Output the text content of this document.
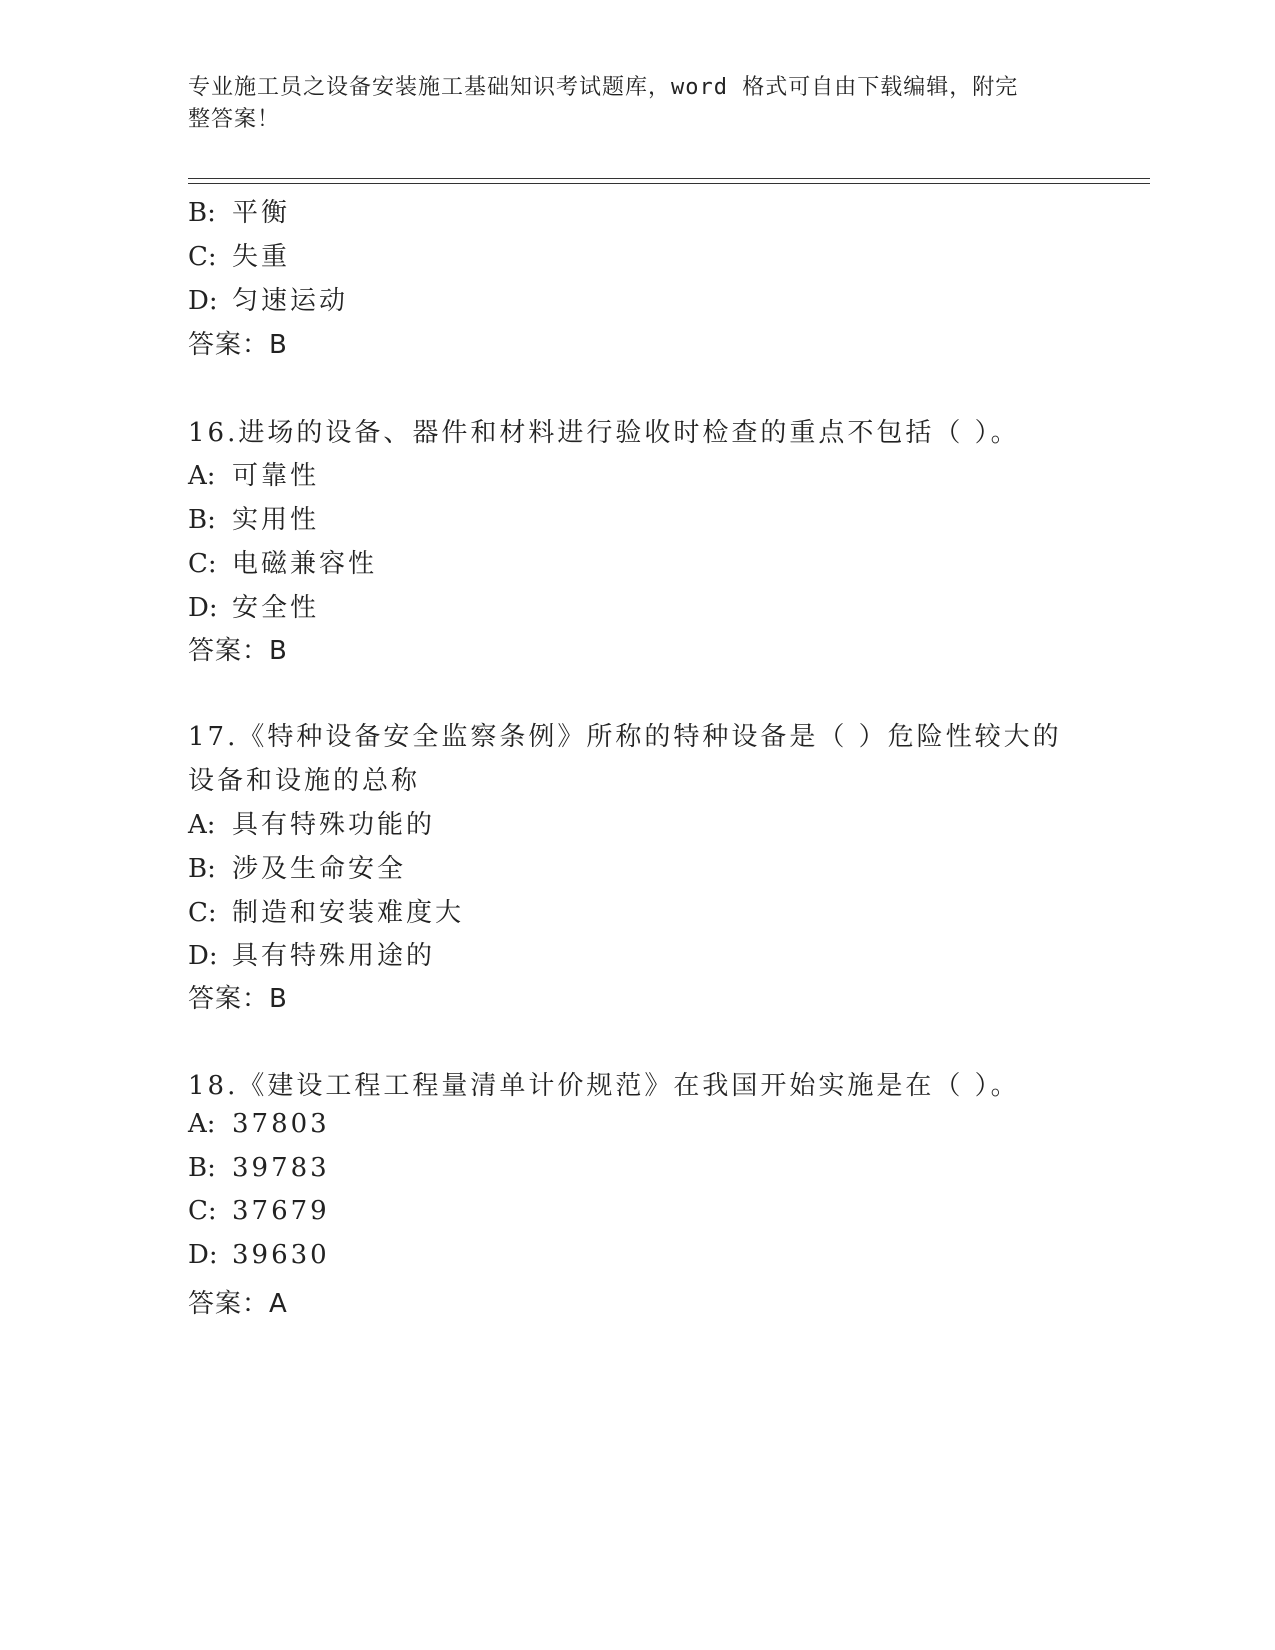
专业施工员之设备安装施工基础知识考试题库，word 格式可自由下载编辑，附完
整答案！
B: 平衡
C: 失重
D: 匀速运动
答案：B
16.进场的设备、器件和材料进行验收时检查的重点不包括（ ）。
A: 可靠性
B: 实用性
C: 电磁兼容性
D: 安全性
答案：B
17.《特种设备安全监察条例》所称的特种设备是（ ）危险性较大的
设备和设施的总称
A: 具有特殊功能的
B: 涉及生命安全
C: 制造和安装难度大
D: 具有特殊用途的
答案：B
18.《建设工程工程量清单计价规范》在我国开始实施是在（ ）。
A: 37803
B: 39783
C: 37679
D: 39630
答案：A
